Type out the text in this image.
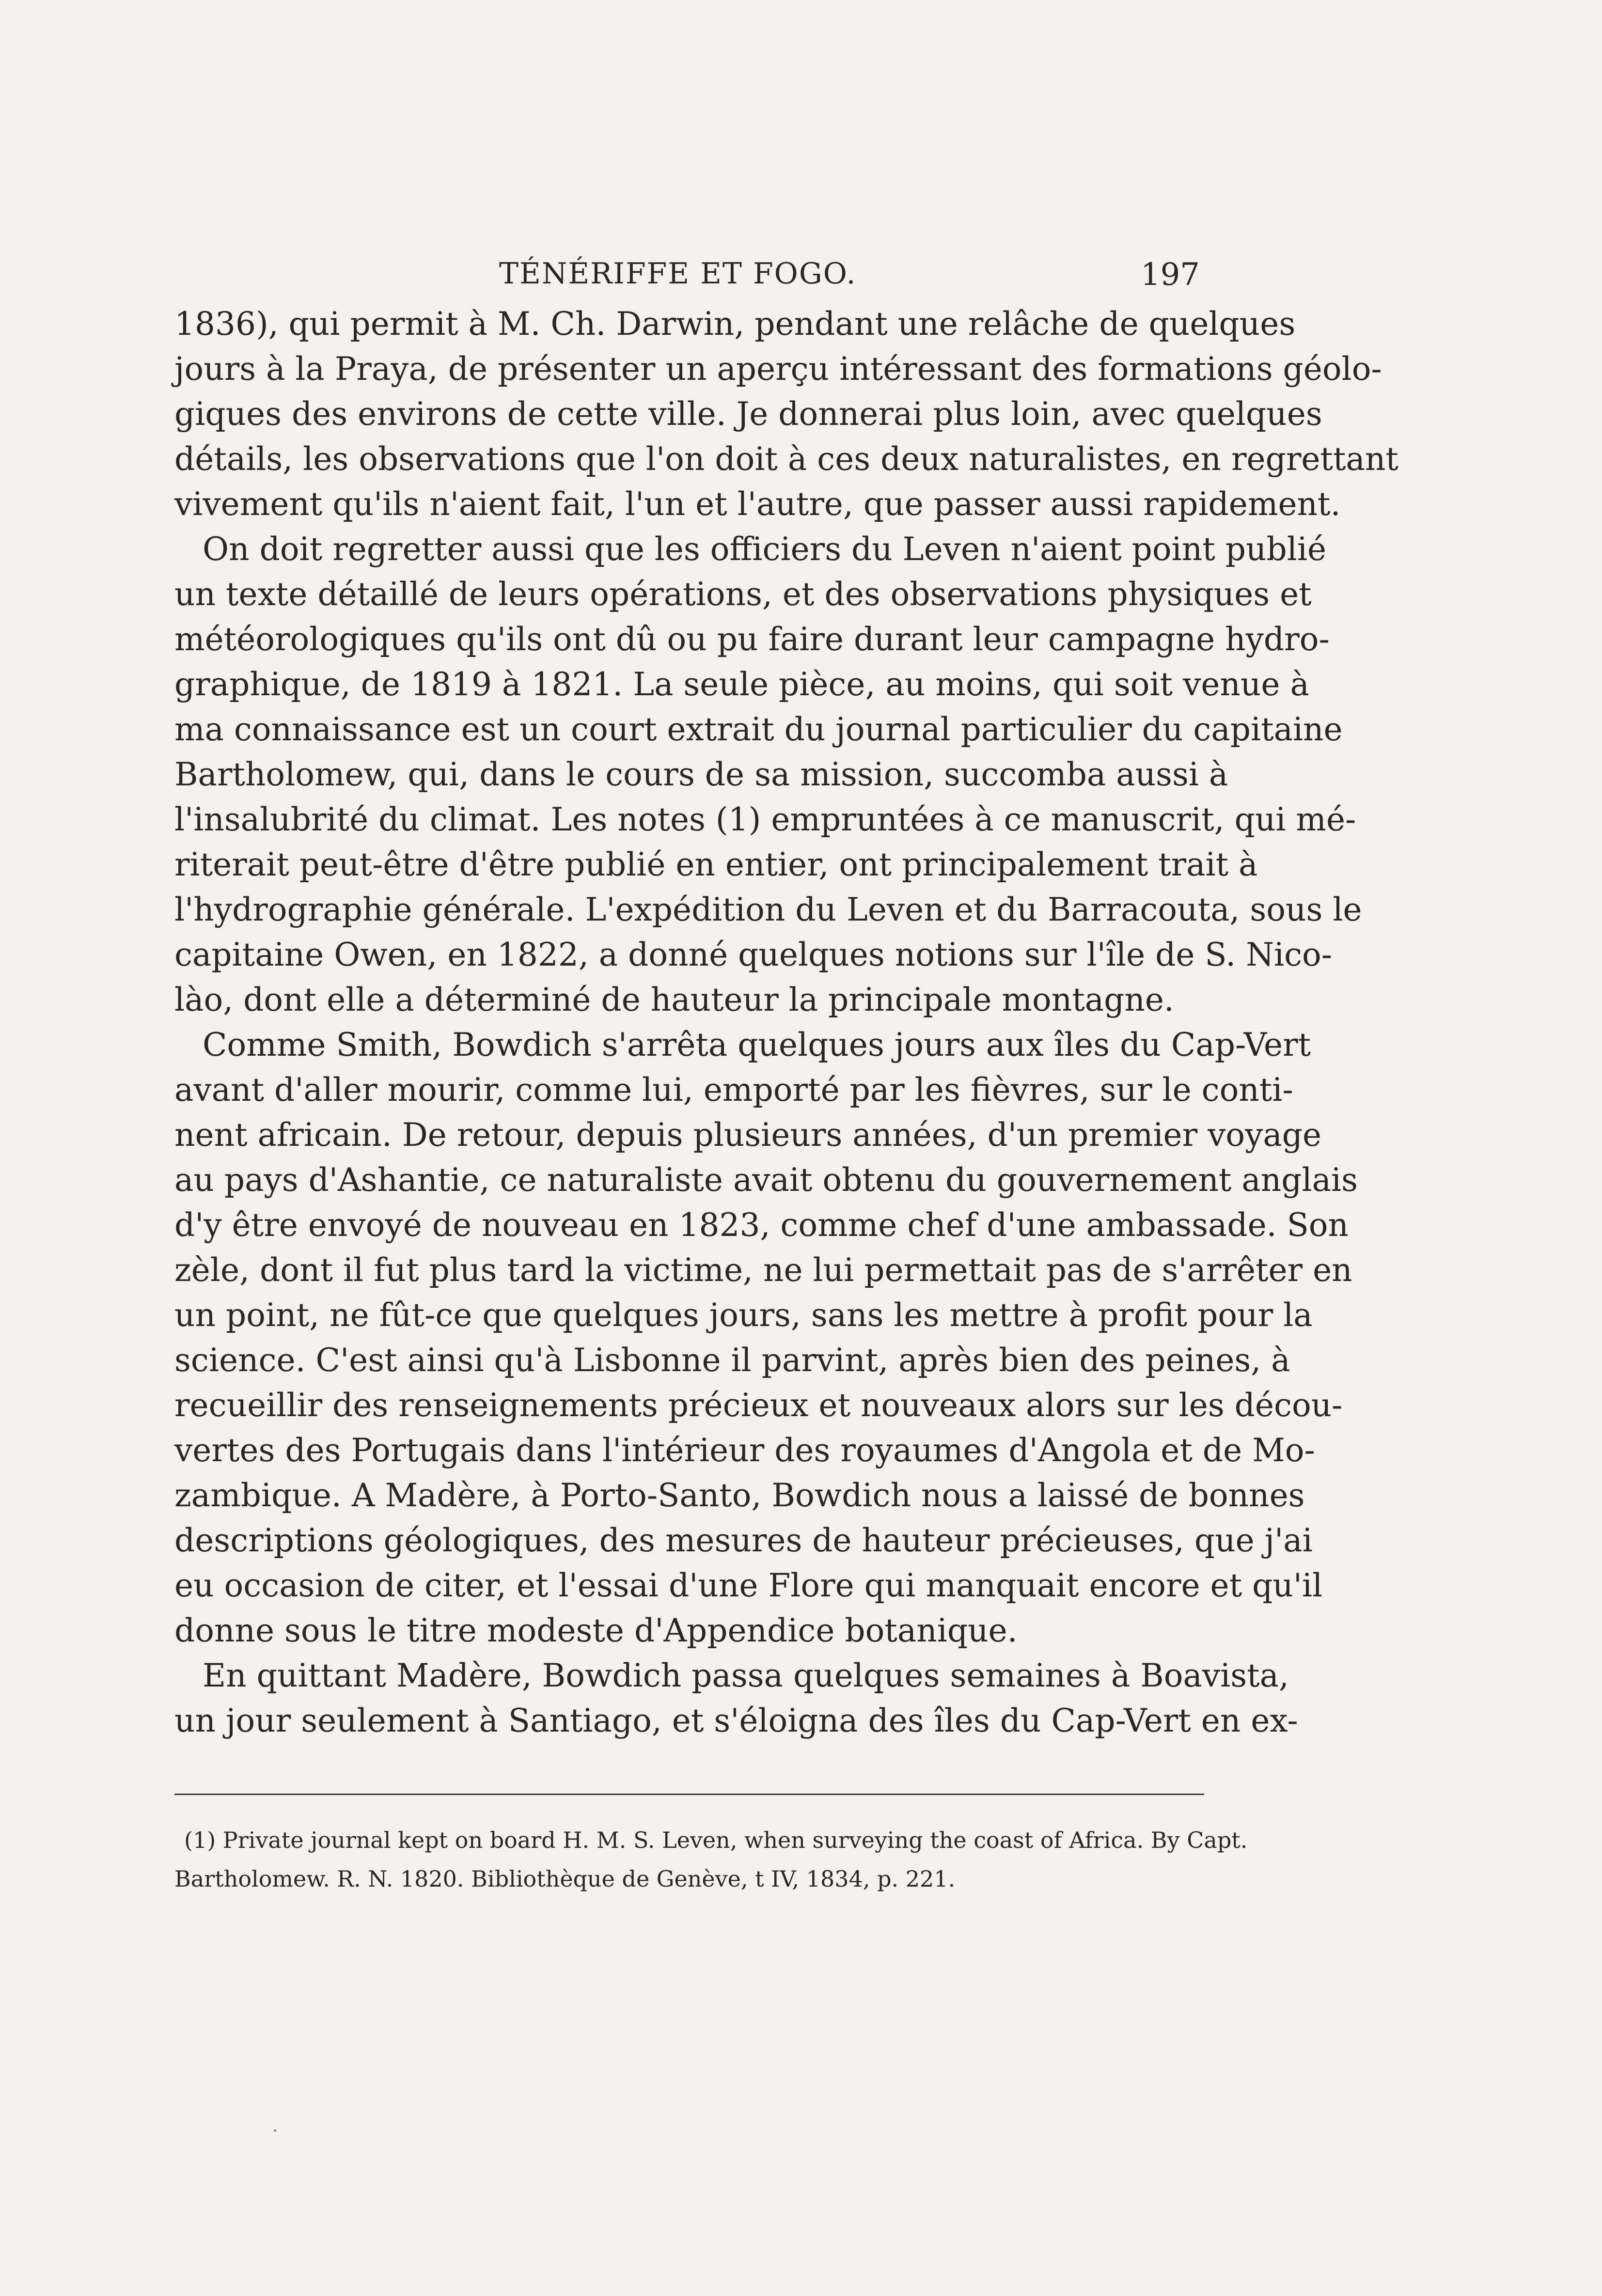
TÉNÉRIFFE ET FOGO.	197
1836), qui permit à M. Ch. Darwin, pendant une relâche de quelques
jours à la Praya, de présenter un aperçu intéressant des formations géolo-
giques des environs de cette ville. Je donnerai plus loin, avec quelques
détails, les observations que l'on doit à ces deux naturalistes, en regrettant
vivement qu'ils n'aient fait, l'un et l'autre, que passer aussi rapidement.
On doit regretter aussi que les officiers du Leven n'aient point publié
un texte détaillé de leurs opérations, et des observations physiques et
météorologiques qu'ils ont dû ou pu faire durant leur campagne hydro-
graphique, de 1819 à 1821. La seule pièce, au moins, qui soit venue à
ma connaissance est un court extrait du journal particulier du capitaine
Bartholomew, qui, dans le cours de sa mission, succomba aussi à
l'insalubrité du climat. Les notes (1) empruntées à ce manuscrit, qui mé-
riterait peut-être d'être publié en entier, ont principalement trait à
l'hydrographie générale. L'expédition du Leven et du Barracouta, sous le
capitaine Owen, en 1822, a donné quelques notions sur l'île de S. Nico-
lào, dont elle a déterminé de hauteur la principale montagne.
Comme Smith, Bowdich s'arrêta quelques jours aux îles du Cap-Vert
avant d'aller mourir, comme lui, emporté par les fièvres, sur le conti-
nent africain. De retour, depuis plusieurs années, d'un premier voyage
au pays d'Ashantie, ce naturaliste avait obtenu du gouvernement anglais
d'y être envoyé de nouveau en 1823, comme chef d'une ambassade. Son
zèle, dont il fut plus tard la victime, ne lui permettait pas de s'arrêter en
un point, ne fût-ce que quelques jours, sans les mettre à profit pour la
science. C'est ainsi qu'à Lisbonne il parvint, après bien des peines, à
recueillir des renseignements précieux et nouveaux alors sur les décou-
vertes des Portugais dans l'intérieur des royaumes d'Angola et de Mo-
zambique. A Madère, à Porto-Santo, Bowdich nous a laissé de bonnes
descriptions géologiques, des mesures de hauteur précieuses, que j'ai
eu occasion de citer, et l'essai d'une Flore qui manquait encore et qu'il
donne sous le titre modeste d'Appendice botanique.
En quittant Madère, Bowdich passa quelques semaines à Boavista,
un jour seulement à Santiago, et s'éloigna des îles du Cap-Vert en ex-
(1) Private journal kept on board H. M. S. Leven, when surveying the coast of Africa. By Capt.
Bartholomew. R. N. 1820. Bibliothèque de Genève, t IV, 1834, p. 221.
